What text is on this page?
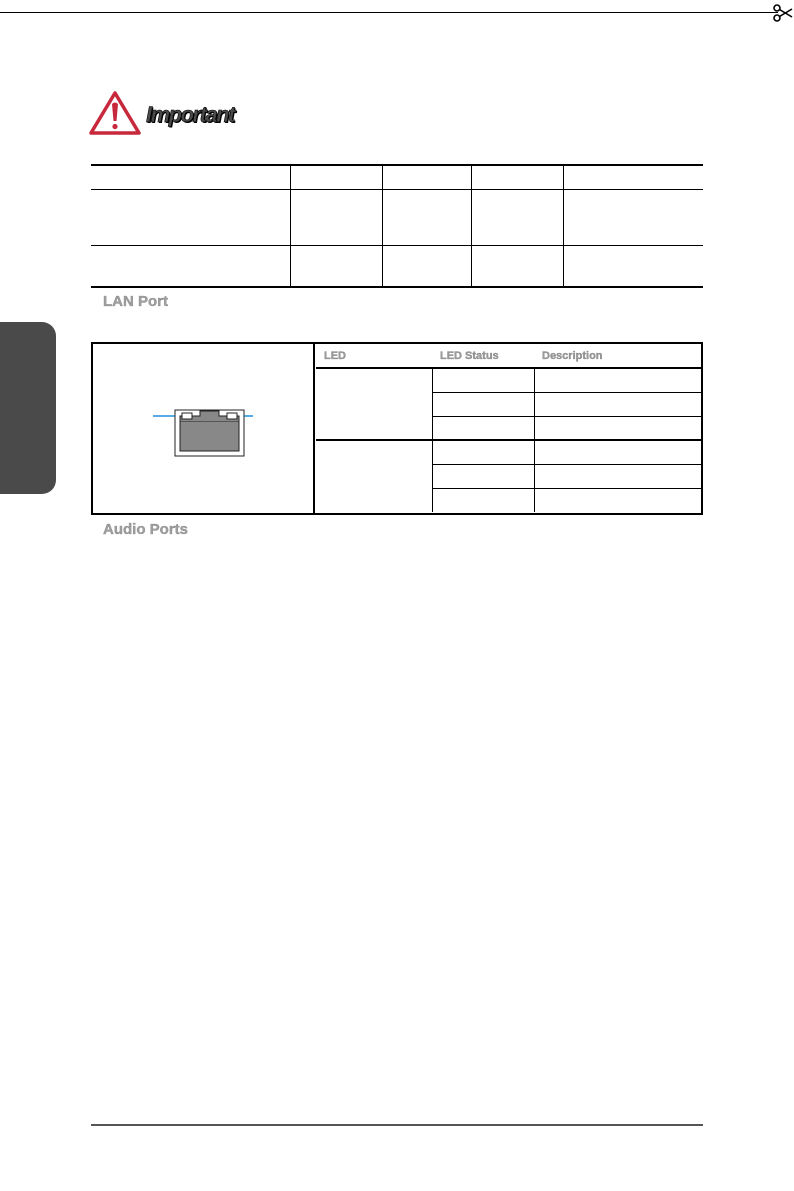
Important

LAN Port
LED	LED Status	Description

Audio Ports
